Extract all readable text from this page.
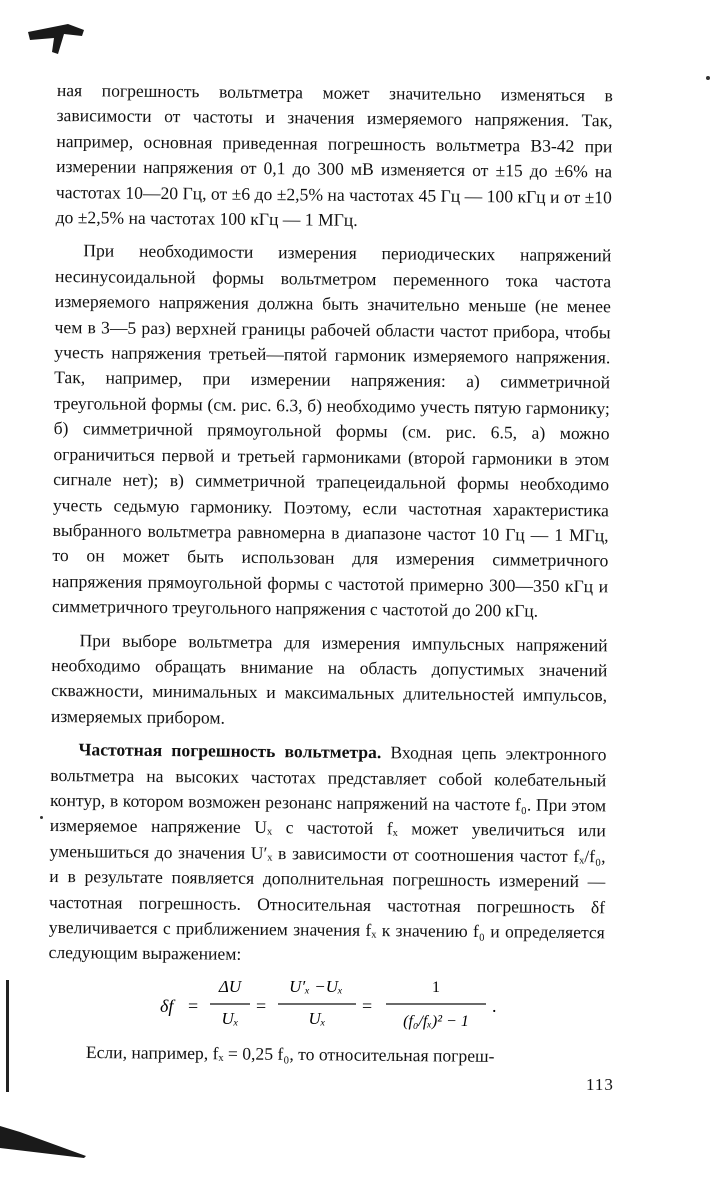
ная погрешность вольтметра может значительно изменяться в зависимости от частоты и значения измеряемого напряжения. Так, например, основная приведенная погрешность вольтметра В3-42 при измерении напряжения от 0,1 до 300 мВ изменяется от ±15 до ±6% на частотах 10—20 Гц, от ±6 до ±2,5% на частотах 45 Гц — 100 кГц и от ±10 до ±2,5% на частотах 100 кГц — 1 МГц.

При необходимости измерения периодических напряжений несинусоидальной формы вольтметром переменного тока частота измеряемого напряжения должна быть значительно меньше (не менее чем в 3—5 раз) верхней границы рабочей области частот прибора, чтобы учесть напряжения третьей—пятой гармоник измеряемого напряжения. Так, например, при измерении напряжения: а) симметричной треугольной формы (см. рис. 6.3, б) необходимо учесть пятую гармонику; б) симметричной прямоугольной формы (см. рис. 6.5, а) можно ограничиться первой и третьей гармониками (второй гармоники в этом сигнале нет); в) симметричной трапецеидальной формы необходимо учесть седьмую гармонику. Поэтому, если частотная характеристика выбранного вольтметра равномерна в диапазоне частот 10 Гц — 1 МГц, то он может быть использован для измерения симметричного напряжения прямоугольной формы с частотой примерно 300—350 кГц и симметричного треугольного напряжения с частотой до 200 кГц.

При выборе вольтметра для измерения импульсных напряжений необходимо обращать внимание на область допустимых значений скважности, минимальных и максимальных длительностей импульсов, измеряемых прибором.

Частотная погрешность вольтметра. Входная цепь электронного вольтметра на высоких частотах представляет собой колебательный контур, в котором возможен резонанс напряжений на частоте f₀. При этом измеряемое напряжение Uₓ с частотой fₓ может увеличиться или уменьшиться до значения U′ₓ в зависимости от соотношения частот fₓ/f₀, и в результате появляется дополнительная погрешность измерений — частотная погрешность. Относительная частотная погрешность δf увеличивается с приближением значения fₓ к значению f₀ и определяется следующим выражением:

δf =
ΔU
Uₓ
=
U′ₓ −Uₓ
Uₓ
=
1
(f₀/fₓ)² − 1
.
Если, например, fₓ = 0,25 f₀, то относительная погреш-
113
